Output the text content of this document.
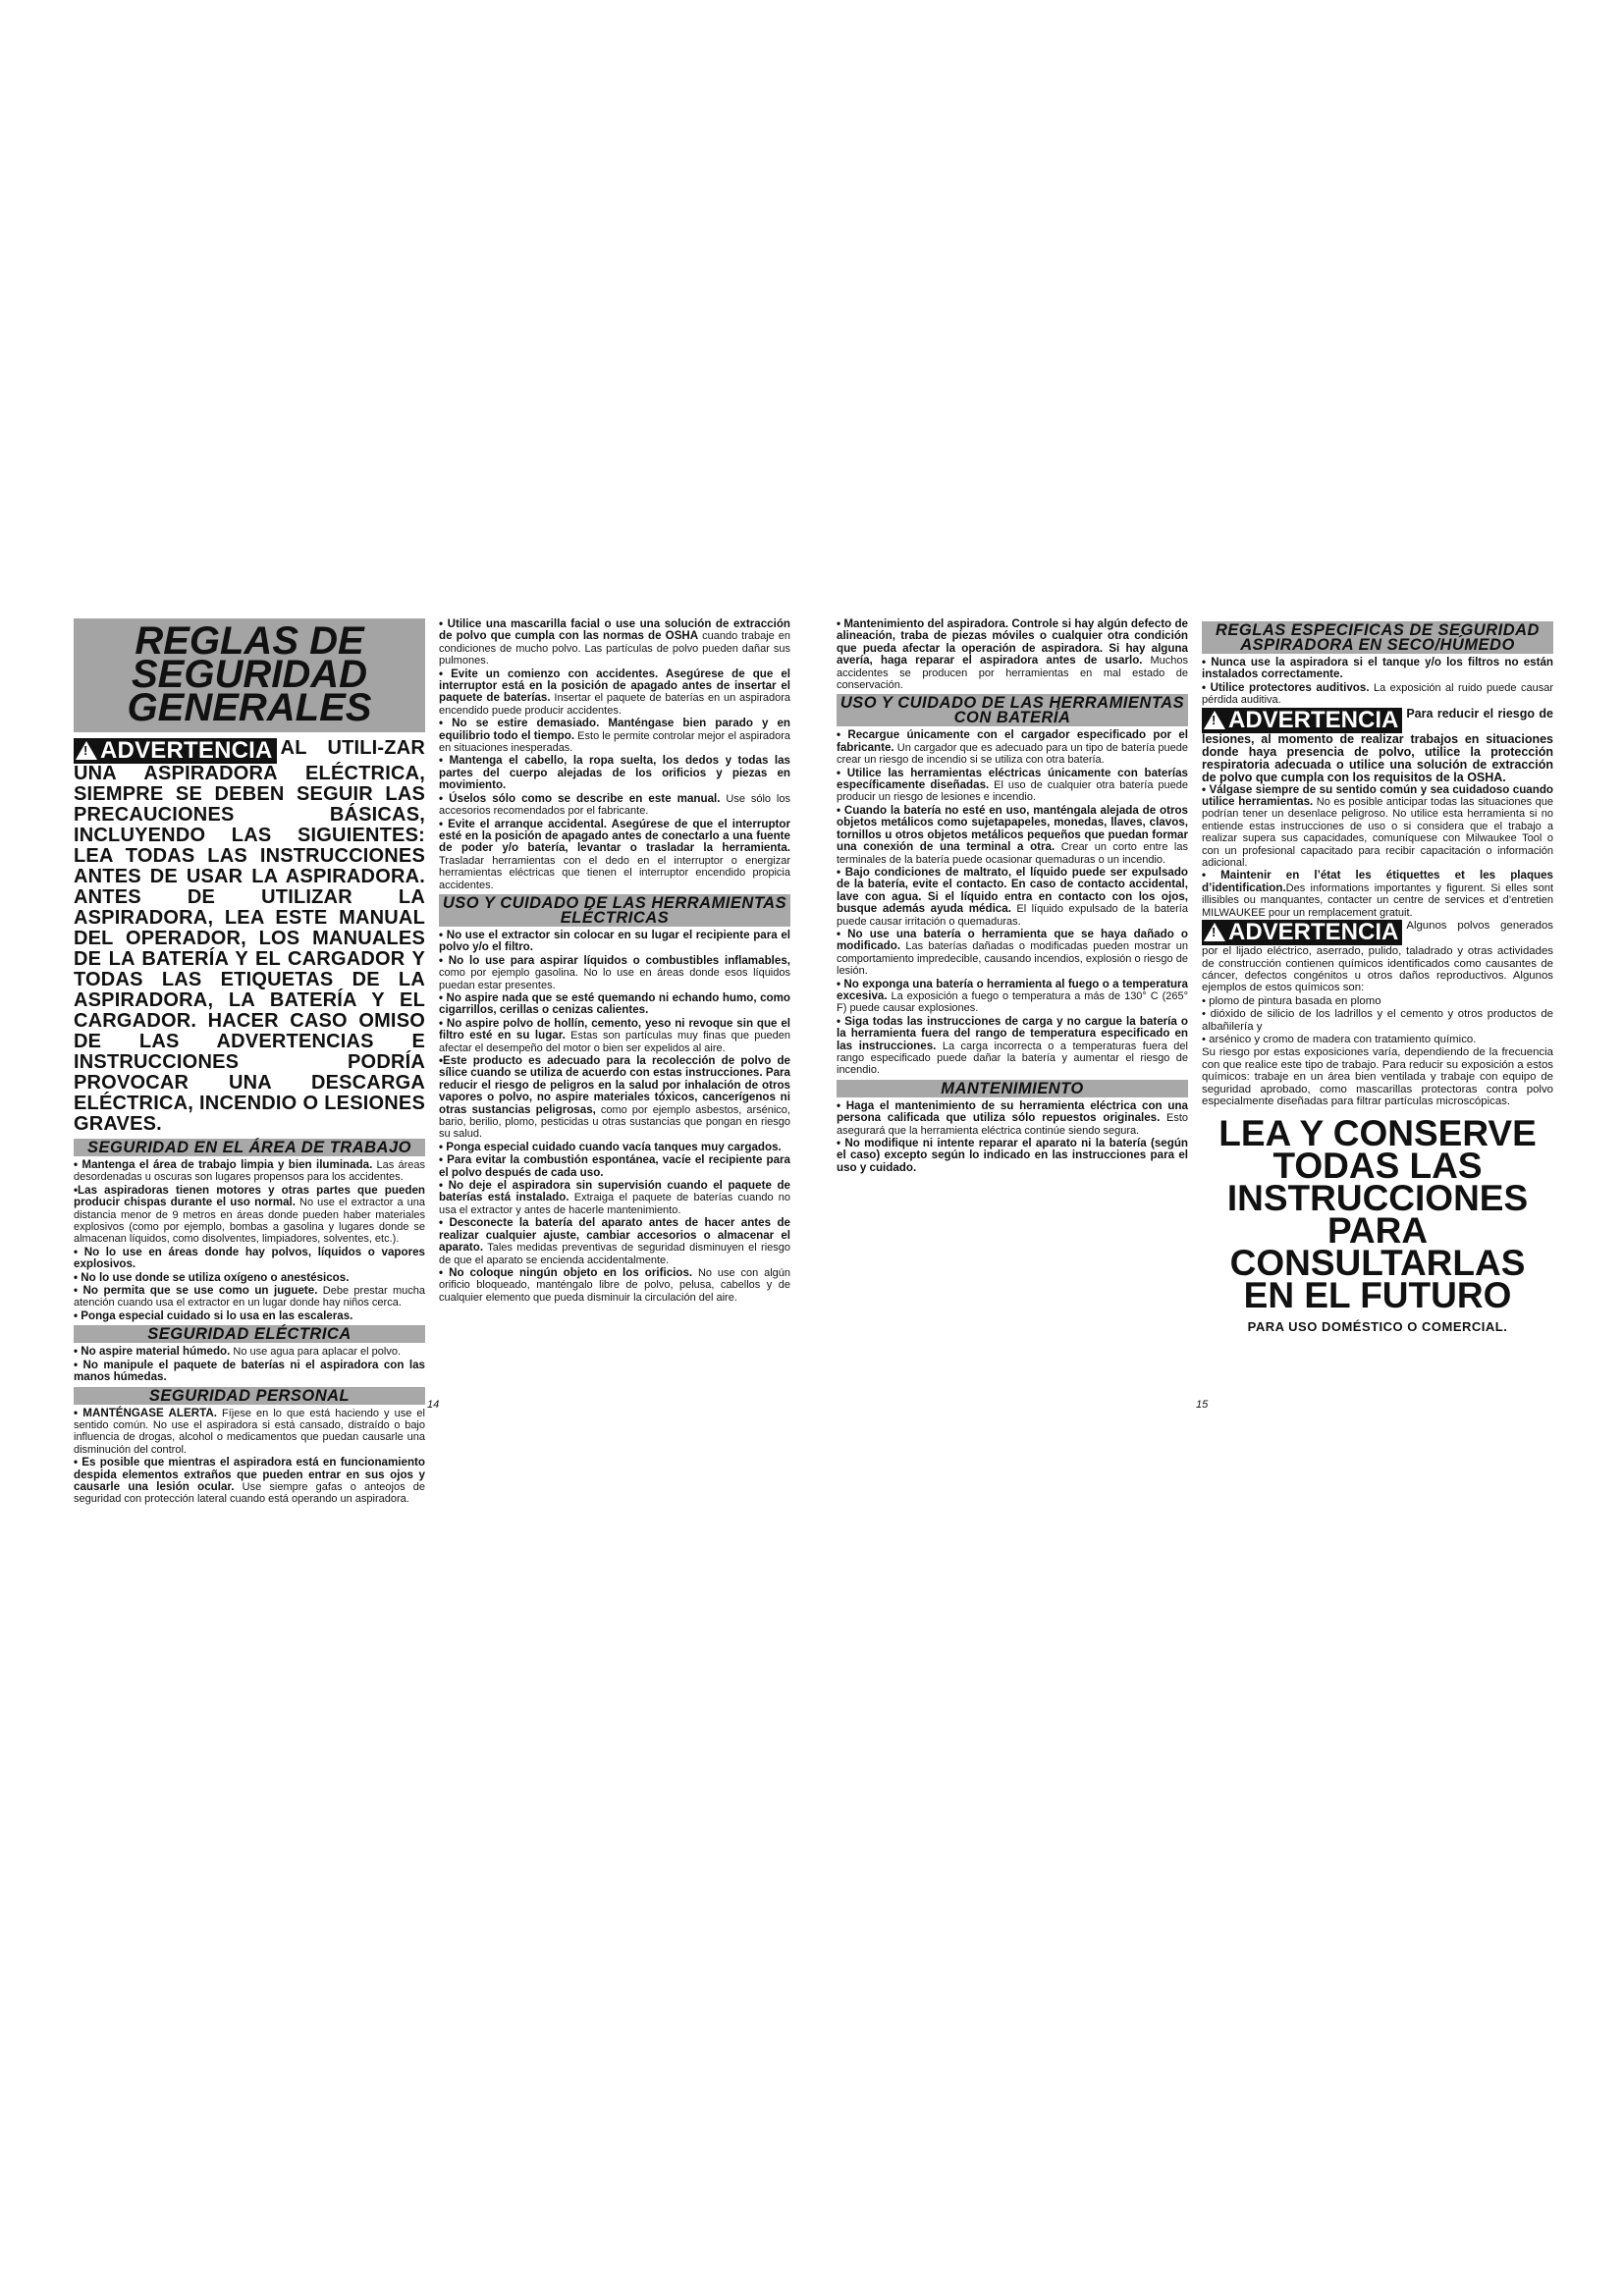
REGLAS DE
SEGURIDAD
GENERALES
!ADVERTENCIA AL UTILI-ZAR UNA ASPIRADORA ELÉCTRICA, SIEMPRE SE DEBEN SEGUIR LAS PRECAUCIONES BÁSICAS, INCLUYENDO LAS SIGUIENTES: LEA TODAS LAS INSTRUCCIONES ANTES DE USAR LA ASPIRADORA. ANTES DE UTILIZAR LA ASPIRADORA, LEA ESTE MANUAL DEL OPERADOR, LOS MANUALES DE LA BATERÍA Y EL CARGADOR Y TODAS LAS ETIQUETAS DE LA ASPIRADORA, LA BATERÍA Y EL CARGADOR. HACER CASO OMISO DE LAS ADVERTENCIAS E INSTRUCCIONES PODRÍA PROVOCAR UNA DESCARGA ELÉCTRICA, INCENDIO O LESIONES GRAVES.
SEGURIDAD EN EL ÁREA DE TRABAJO
• Mantenga el área de trabajo limpia y bien iluminada. Las áreas desordenadas u oscuras son lugares propensos para los accidentes.
•Las aspiradoras tienen motores y otras partes que pueden producir chispas durante el uso normal. No use el extractor a una distancia menor de 9 metros en áreas donde pueden haber materiales explosivos (como por ejemplo, bombas a gasolina y lugares donde se almacenan líquidos, como disolventes, limpiadores, solventes, etc.).
• No lo use en áreas donde hay polvos, líquidos o vapores explosivos.
• No lo use donde se utiliza oxígeno o anestésicos.
• No permita que se use como un juguete. Debe prestar mucha atención cuando usa el extractor en un lugar donde hay niños cerca.
• Ponga especial cuidado si lo usa en las escaleras.
SEGURIDAD ELÉCTRICA
• No aspire material húmedo. No use agua para aplacar el polvo.
• No manipule el paquete de baterías ni el aspiradora con las manos húmedas.
SEGURIDAD PERSONAL
• MANTÉNGASE ALERTA. Fíjese en lo que está haciendo y use el sentido común. No use el aspiradora si está cansado, distraído o bajo influencia de drogas, alcohol o medicamentos que puedan causarle una disminución del control.
• Es posible que mientras el aspiradora está en funcionamiento despida elementos extraños que pueden entrar en sus ojos y causarle una lesión ocular. Use siempre gafas o anteojos de seguridad con protección lateral cuando está operando un aspiradora.
• Utilice una mascarilla facial o use una solución de extracción de polvo que cumpla con las normas de OSHA cuando trabaje en condiciones de mucho polvo. Las partículas de polvo pueden dañar sus pulmones.
• Evite un comienzo con accidentes. Asegúrese de que el interruptor está en la posición de apagado antes de insertar el paquete de baterías. Insertar el paquete de baterías en un aspiradora encendido puede producir accidentes.
• No se estire demasiado. Manténgase bien parado y en equilibrio todo el tiempo. Esto le permite controlar mejor el aspiradora en situaciones inesperadas.
• Mantenga el cabello, la ropa suelta, los dedos y todas las partes del cuerpo alejadas de los orificios y piezas en movimiento.
• Úselos sólo como se describe en este manual. Use sólo los accesorios recomendados por el fabricante.
• Evite el arranque accidental. Asegúrese de que el interruptor esté en la posición de apagado antes de conectarlo a una fuente de poder y/o batería, levantar o trasladar la herramienta. Trasladar herramientas con el dedo en el interruptor o energizar herramientas eléctricas que tienen el interruptor encendido propicia accidentes.
USO Y CUIDADO DE LAS HERRAMIENTAS ELÉCTRICAS
• No use el extractor sin colocar en su lugar el recipiente para el polvo y/o el filtro.
• No lo use para aspirar líquidos o combustibles inflamables, como por ejemplo gasolina. No lo use en áreas donde esos líquidos puedan estar presentes.
• No aspire nada que se esté quemando ni echando humo, como cigarrillos, cerillas o cenizas calientes.
• No aspire polvo de hollín, cemento, yeso ni revoque sin que el filtro esté en su lugar. Estas son partículas muy finas que pueden afectar el desempeño del motor o bien ser expelidos al aire.
•Este producto es adecuado para la recolección de polvo de sílice cuando se utiliza de acuerdo con estas instrucciones. Para reducir el riesgo de peligros en la salud por inhalación de otros vapores o polvo, no aspire materiales tóxicos, cancerígenos ni otras sustancias peligrosas, como por ejemplo asbestos, arsénico, bario, berilio, plomo, pesticidas u otras sustancias que pongan en riesgo su salud.
• Ponga especial cuidado cuando vacía tanques muy cargados.
• Para evitar la combustión espontánea, vacíe el recipiente para el polvo después de cada uso.
• No deje el aspiradora sin supervisión cuando el paquete de baterías está instalado. Extraiga el paquete de baterías cuando no usa el extractor y antes de hacerle mantenimiento.
• Desconecte la batería del aparato antes de hacer antes de realizar cualquier ajuste, cambiar accesorios o almacenar el aparato. Tales medidas preventivas de seguridad disminuyen el riesgo de que el aparato se encienda accidentalmente.
• No coloque ningún objeto en los orificios. No use con algún orificio bloqueado, manténgalo libre de polvo, pelusa, cabellos y de cualquier elemento que pueda disminuir la circulación del aire.
14
• Mantenimiento del aspiradora. Controle si hay algún defecto de alineación, traba de piezas móviles o cualquier otra condición que pueda afectar la operación de aspiradora. Si hay alguna avería, haga reparar el aspiradora antes de usarlo. Muchos accidentes se producen por herramientas en mal estado de conservación.
USO Y CUIDADO DE LAS HERRAMIENTAS CON BATERÍA
• Recargue únicamente con el cargador especificado por el fabricante. Un cargador que es adecuado para un tipo de batería puede crear un riesgo de incendio si se utiliza con otra batería.
• Utilice las herramientas eléctricas únicamente con baterías específicamente diseñadas. El uso de cualquier otra batería puede producir un riesgo de lesiones e incendio.
• Cuando la batería no esté en uso, manténgala alejada de otros objetos metálicos como sujetapapeles, monedas, llaves, clavos, tornillos u otros objetos metálicos pequeños que puedan formar una conexión de una terminal a otra. Crear un corto entre las terminales de la batería puede ocasionar quemaduras o un incendio.
• Bajo condiciones de maltrato, el líquido puede ser expulsado de la batería, evite el contacto. En caso de contacto accidental, lave con agua. Si el líquido entra en contacto con los ojos, busque además ayuda médica. El líquido expulsado de la batería puede causar irritación o quemaduras.
• No use una batería o herramienta que se haya dañado o modificado. Las baterías dañadas o modificadas pueden mostrar un comportamiento impredecible, causando incendios, explosión o riesgo de lesión.
• No exponga una batería o herramienta al fuego o a temperatura excesiva. La exposición a fuego o temperatura a más de 130° C (265° F) puede causar explosiones.
• Siga todas las instrucciones de carga y no cargue la batería o la herramienta fuera del rango de temperatura especificado en las instrucciones. La carga incorrecta o a temperaturas fuera del rango especificado puede dañar la batería y aumentar el riesgo de incendio.
MANTENIMIENTO
• Haga el mantenimiento de su herramienta eléctrica con una persona calificada que utiliza sólo repuestos originales. Esto asegurará que la herramienta eléctrica continúe siendo segura.
• No modifique ni intente reparar el aparato ni la batería (según el caso) excepto según lo indicado en las instrucciones para el uso y cuidado.
REGLAS ESPECIFICAS DE SEGURIDAD ASPIRADORA EN SECO/HÚMEDO
• Nunca use la aspiradora si el tanque y/o los filtros no están instalados correctamente.
• Utilice protectores auditivos. La exposición al ruido puede causar pérdida auditiva.
!ADVERTENCIA Para reducir el riesgo de lesiones, al momento de realizar trabajos en situaciones donde haya presencia de polvo, utilice la protección respiratoria adecuada o utilice una solución de extracción de polvo que cumpla con los requisitos de la OSHA.
• Válgase siempre de su sentido común y sea cuidadoso cuando utilice herramientas. No es posible anticipar todas las situaciones que podrían tener un desenlace peligroso. No utilice esta herramienta si no entiende estas instrucciones de uso o si considera que el trabajo a realizar supera sus capacidades, comuníquese con Milwaukee Tool o con un profesional capacitado para recibir capacitación o información adicional.
• Maintenir en l’état les étiquettes et les plaques d’identification.Des informations importantes y figurent. Si elles sont illisibles ou manquantes, contacter un centre de services et d’entretien MILWAUKEE pour un remplacement gratuit.
!ADVERTENCIA Algunos polvos generados por el lijado eléctrico, aserrado, pulido, taladrado y otras actividades de construcción contienen químicos identificados como causantes de cáncer, defectos congénitos u otros daños reproductivos. Algunos ejemplos de estos químicos son:
• plomo de pintura basada en plomo
• dióxido de silicio de los ladrillos y el cemento y otros productos de albañilería y
• arsénico y cromo de madera con tratamiento químico.
Su riesgo por estas exposiciones varía, dependiendo de la frecuencia con que realice este tipo de trabajo. Para reducir su exposición a estos químicos: trabaje en un área bien ventilada y trabaje con equipo de seguridad aprobado, como mascarillas protectoras contra polvo especialmente diseñadas para filtrar partículas microscópicas.
LEA Y CONSERVE
TODAS LAS
INSTRUCCIONES
PARA
CONSULTARLAS
EN EL FUTURO
PARA USO DOMÉSTICO O COMERCIAL.
15
